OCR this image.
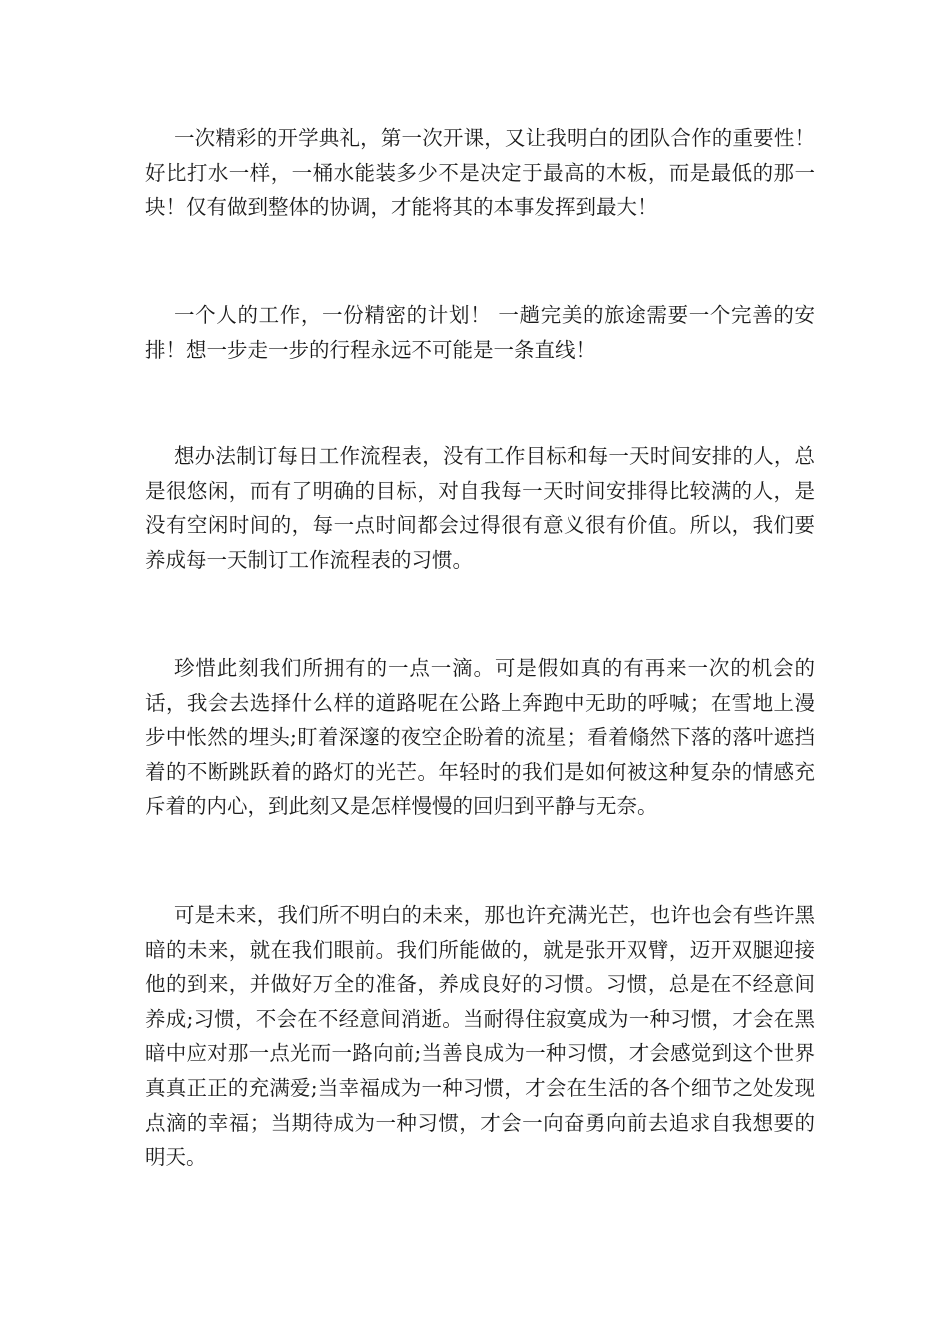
一次精彩的开学典礼，第一次开课，又让我明白的团队合作的重要性！好比打水一样，一桶水能装多少不是决定于最高的木板，而是最低的那一块！仅有做到整体的协调，才能将其的本事发挥到最大！

一个人的工作，一份精密的计划！ 一趟完美的旅途需要一个完善的安排！想一步走一步的行程永远不可能是一条直线！

想办法制订每日工作流程表，没有工作目标和每一天时间安排的人，总是很悠闲，而有了明确的目标，对自我每一天时间安排得比较满的人，是没有空闲时间的，每一点时间都会过得很有意义很有价值。所以，我们要养成每一天制订工作流程表的习惯。

珍惜此刻我们所拥有的一点一滴。可是假如真的有再来一次的机会的话，我会去选择什么样的道路呢在公路上奔跑中无助的呼喊；在雪地上漫步中怅然的埋头;盯着深邃的夜空企盼着的流星；看着翛然下落的落叶遮挡着的不断跳跃着的路灯的光芒。年轻时的我们是如何被这种复杂的情感充斥着的内心，到此刻又是怎样慢慢的回归到平静与无奈。

可是未来，我们所不明白的未来，那也许充满光芒，也许也会有些许黑暗的未来，就在我们眼前。我们所能做的，就是张开双臂，迈开双腿迎接他的到来，并做好万全的准备，养成良好的习惯。习惯，总是在不经意间养成;习惯，不会在不经意间消逝。当耐得住寂寞成为一种习惯，才会在黑暗中应对那一点光而一路向前;当善良成为一种习惯，才会感觉到这个世界真真正正的充满爱;当幸福成为一种习惯，才会在生活的各个细节之处发现点滴的幸福；当期待成为一种习惯，才会一向奋勇向前去追求自我想要的明天。
